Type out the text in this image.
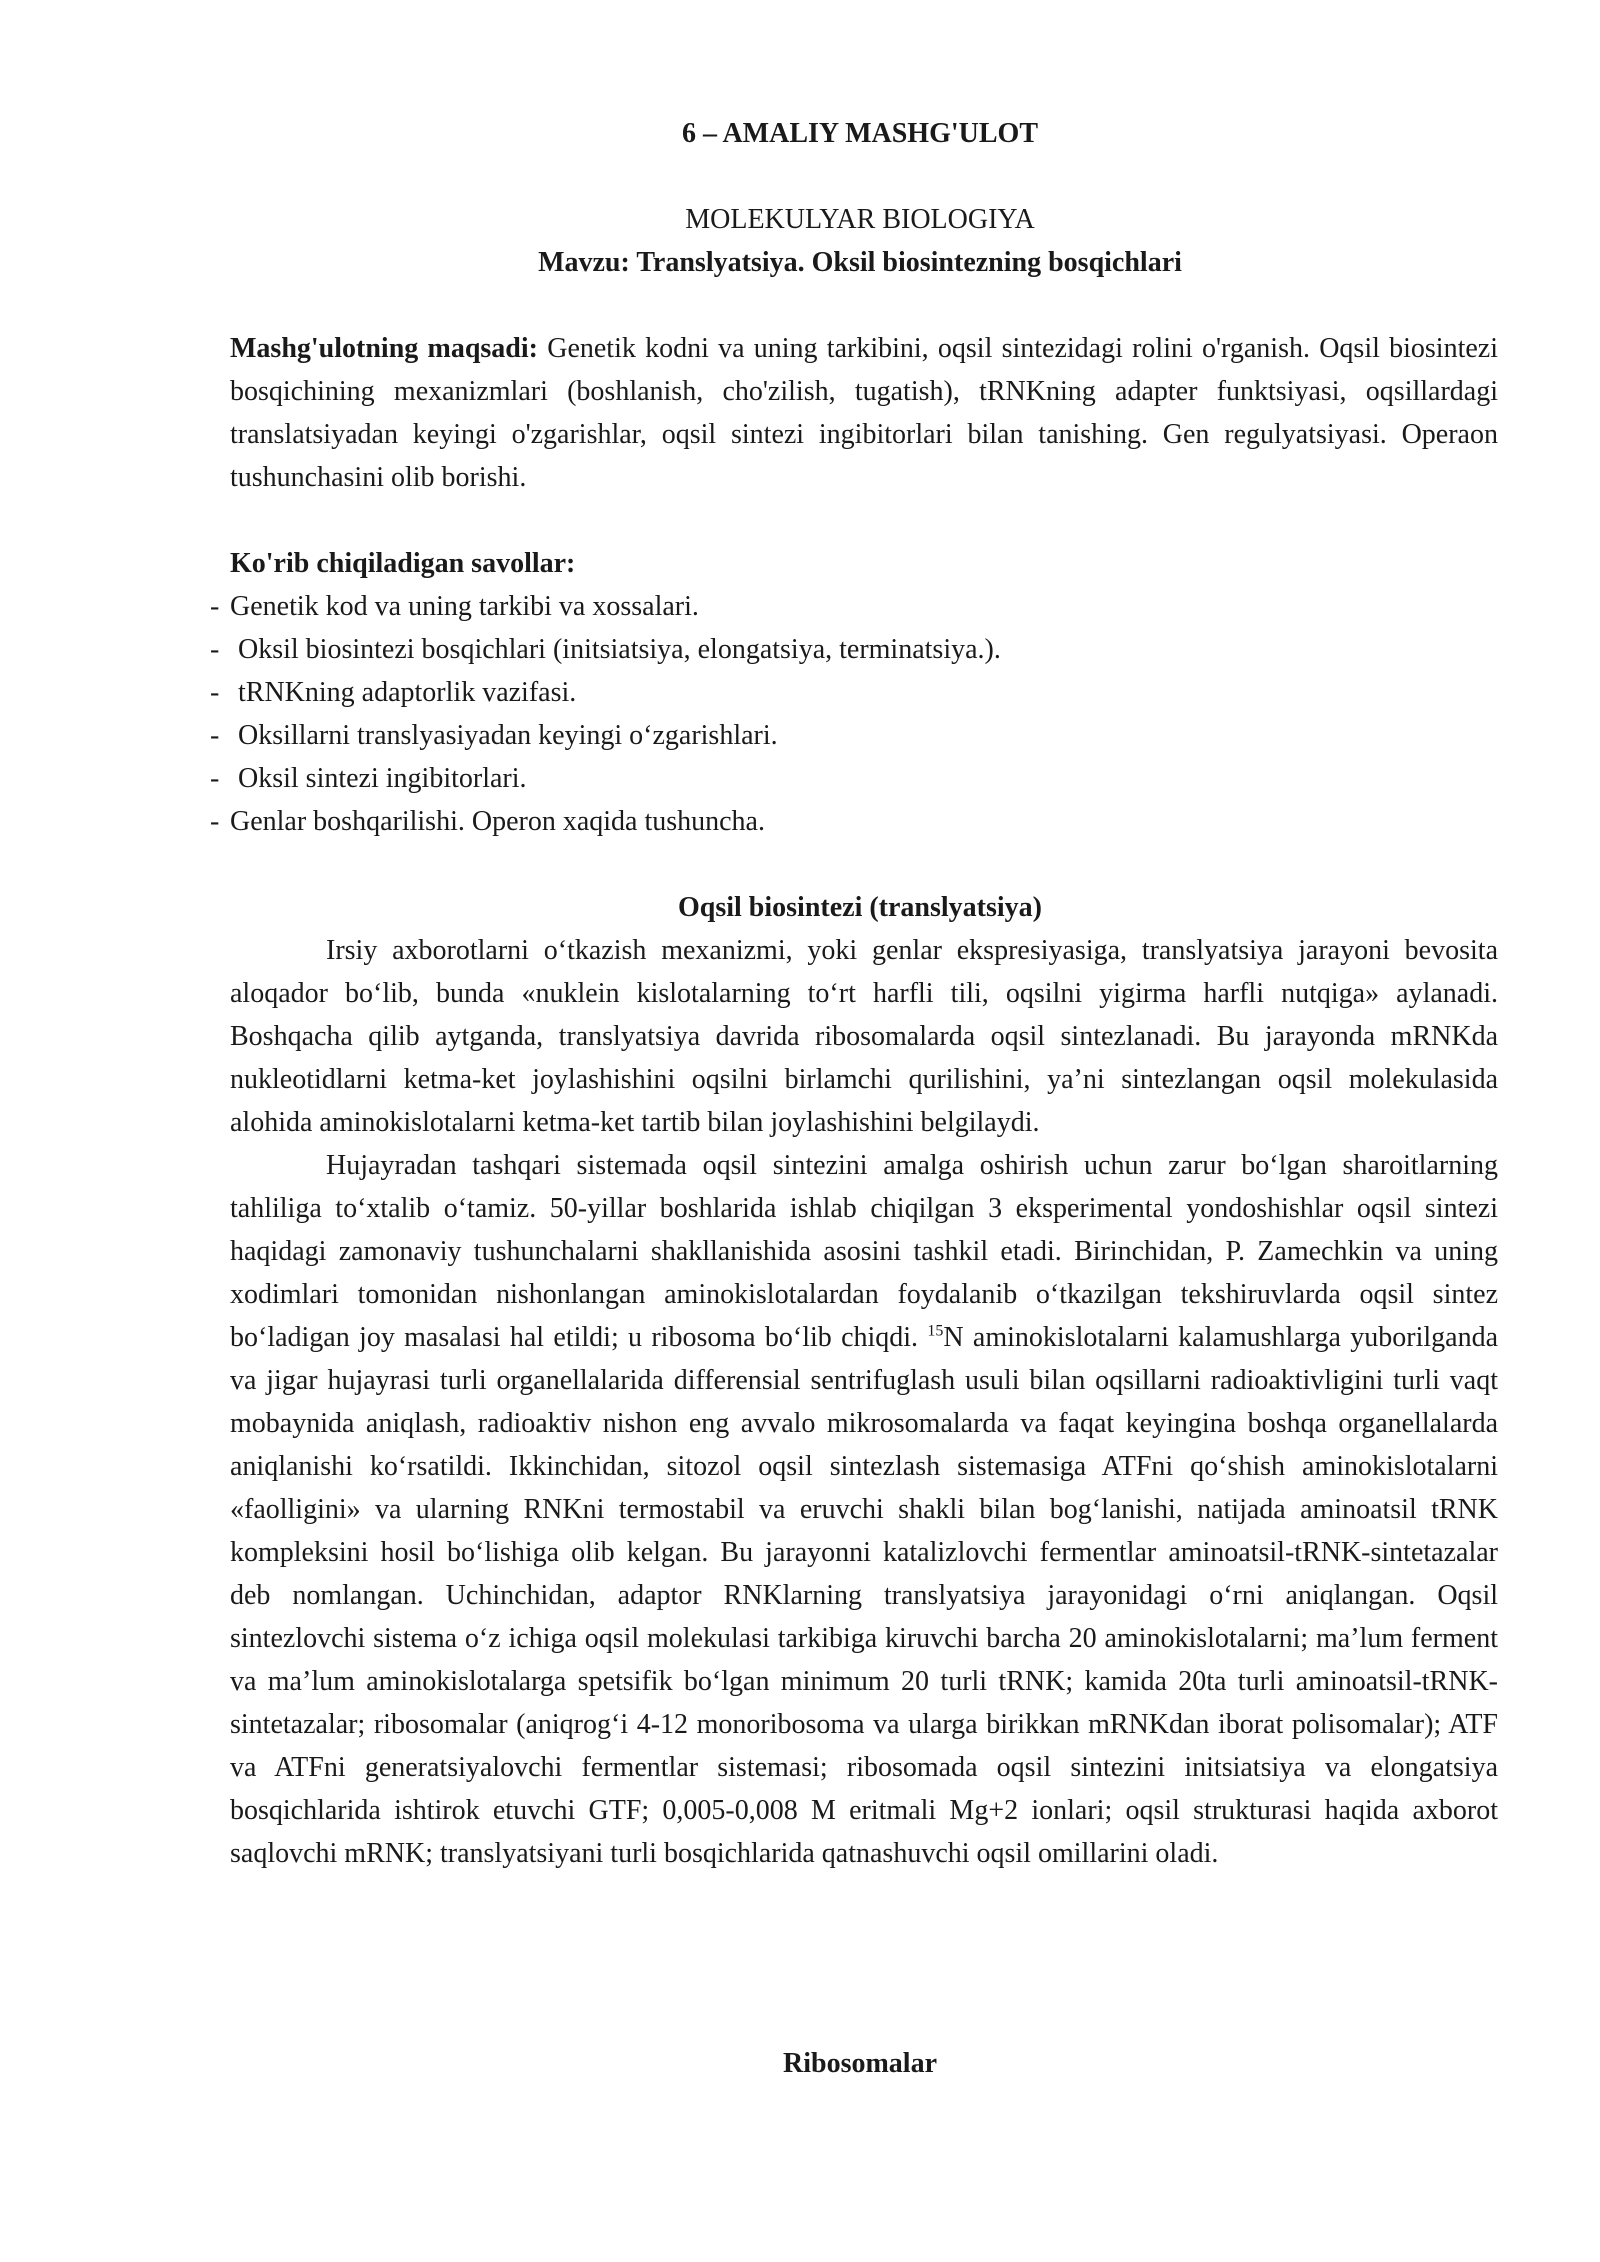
6 – AMALIY MASHG'ULOT
MOLEKULYAR BIOLOGIYA
Mavzu: Translyatsiya. Oksil biosintezning bosqichlari
Mashg'ulotning maqsadi: Genetik kodni va uning tarkibini, oqsil sintezidagi rolini o'rganish. Oqsil biosintezi bosqichining mexanizmlari (boshlanish, cho'zilish, tugatish), tRNKning adapter funktsiyasi, oqsillardagi translatsiyadan keyingi o'zgarishlar, oqsil sintezi ingibitorlari bilan tanishing. Gen regulyatsiyasi. Operaon tushunchasini olib borishi.
Ko'rib chiqiladigan savollar:
- Genetik kod va uning tarkibi va xossalari.
- Oksil biosintezi bosqichlari (initsiatsiya, elongatsiya, terminatsiya.).
- tRNKning adaptorlik vazifasi.
- Oksillarni translyasiyadan keyingi o‘zgarishlari.
- Oksil sintezi ingibitorlari.
- Genlar boshqarilishi. Operon xaqida tushuncha.
Oqsil biosintezi (translyatsiya)

Irsiy axborotlarni o‘tkazish mexanizmi, yoki genlar ekspresiyasiga, translyatsiya jarayoni bevosita aloqador bo‘lib, bunda «nuklein kislotalarning to‘rt harfli tili, oqsilni yigirma harfli nutqiga» aylanadi. Boshqacha qilib aytganda, translyatsiya davrida ribosomalarda oqsil sintezlanadi. Bu jarayonda mRNKda nukleotidlarni ketma-ket joylashishini oqsilni birlamchi qurilishini, ya’ni sintezlangan oqsil molekulasida alohida aminokislotalarni ketma-ket tartib bilan joylashishini belgilaydi.

Hujayradan tashqari sistemada oqsil sintezini amalga oshirish uchun zarur bo‘lgan sharoitlarning tahliliga to‘xtalib o‘tamiz. 50-yillar boshlarida ishlab chiqilgan 3 eksperimental yondoshishlar oqsil sintezi haqidagi zamonaviy tushunchalarni shakllanishida asosini tashkil etadi. Birinchidan, P. Zamechkin va uning xodimlari tomonidan nishonlangan aminokislotalardan foydalanib o‘tkazilgan tekshiruvlarda oqsil sintez bo‘ladigan joy masalasi hal etildi; u ribosoma bo‘lib chiqdi. $^{15}$N aminokislotalarni kalamushlarga yuborilganda va jigar hujayrasi turli organellalarida differensial sentrifuglash usuli bilan oqsillarni radioaktivligini turli vaqt mobaynida aniqlash, radioaktiv nishon eng avvalo mikrosomalarda va faqat keyingina boshqa organellalarda aniqlanishi ko‘rsatildi. Ikkinchidan, sitozol oqsil sintezlash sistemasiga ATFni qo‘shish aminokislotalarni «faolligini» va ularning RNKni termostabil va eruvchi shakli bilan bog‘lanishi, natijada aminoatsil tRNK kompleksini hosil bo‘lishiga olib kelgan. Bu jarayonni katalizlovchi fermentlar aminoatsil-tRNK-sintetazalar deb nomlangan. Uchinchidan, adaptor RNKlarning translyatsiya jarayonidagi o‘rni aniqlangan. Oqsil sintezlovchi sistema o‘z ichiga oqsil molekulasi tarkibiga kiruvchi barcha 20 aminokislotalarni; ma’lum ferment va ma’lum aminokislotalarga spetsifik bo‘lgan minimum 20 turli tRNK; kamida 20ta turli aminoatsil-tRNK-sintetazalar; ribosomalar (aniqrog‘i 4-12 monoribosoma va ularga birikkan mRNKdan iborat polisomalar); ATF va ATFni generatsiyalovchi fermentlar sistemasi; ribosomada oqsil sintezini initsiatsiya va elongatsiya bosqichlarida ishtirok etuvchi GTF; 0,005-0,008 M eritmali Mg+2 ionlari; oqsil strukturasi haqida axborot saqlovchi mRNK; translyatsiyani turli bosqichlarida qatnashuvchi oqsil omillarini oladi.

Ribosomalar
